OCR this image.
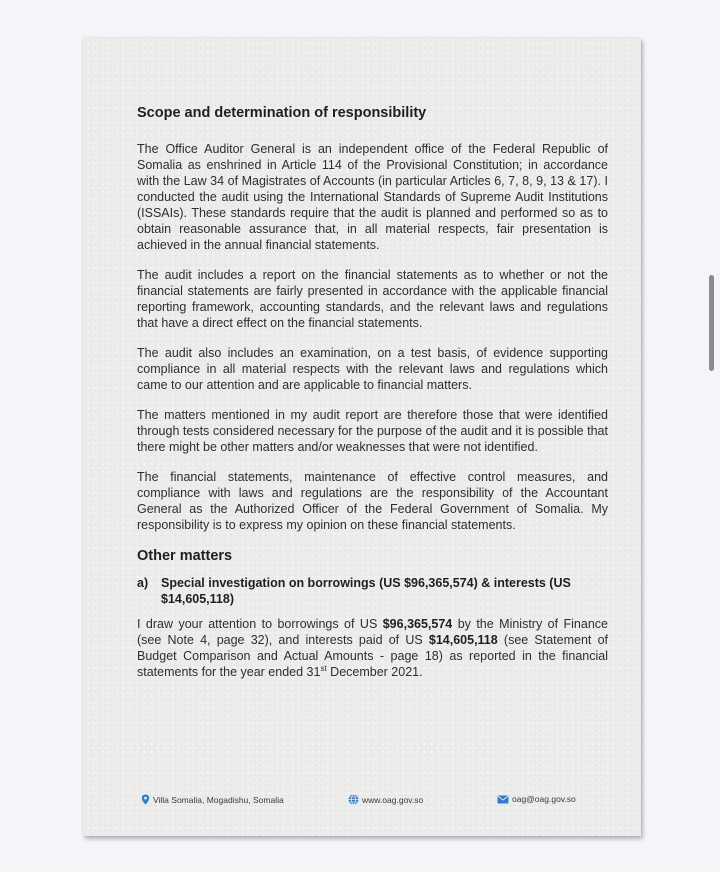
Scope and determination of responsibility

The Office Auditor General is an independent office of the Federal Republic of Somalia as enshrined in Article 114 of the Provisional Constitution; in accordance with the Law 34 of Magistrates of Accounts (in particular Articles 6, 7, 8, 9, 13 & 17). I conducted the audit using the International Standards of Supreme Audit Institutions (ISSAIs). These standards require that the audit is planned and performed so as to obtain reasonable assurance that, in all material respects, fair presentation is achieved in the annual financial statements.

The audit includes a report on the financial statements as to whether or not the financial statements are fairly presented in accordance with the applicable financial reporting framework, accounting standards, and the relevant laws and regulations that have a direct effect on the financial statements.

The audit also includes an examination, on a test basis, of evidence supporting compliance in all material respects with the relevant laws and regulations which came to our attention and are applicable to financial matters.

The matters mentioned in my audit report are therefore those that were identified through tests considered necessary for the purpose of the audit and it is possible that there might be other matters and/or weaknesses that were not identified.

The financial statements, maintenance of effective control measures, and compliance with laws and regulations are the responsibility of the Accountant General as the Authorized Officer of the Federal Government of Somalia. My responsibility is to express my opinion on these financial statements.

Other matters
a)	Special investigation on borrowings (US $96,365,574) & interests (US $14,605,118)

I draw your attention to borrowings of US $96,365,574 by the Ministry of Finance (see Note 4, page 32), and interests paid of US $14,605,118 (see Statement of Budget Comparison and Actual Amounts - page 18) as reported in the financial statements for the year ended 31st December 2021.

Villa Somalia, Mogadishu, Somalia	www.oag.gov.so	oag@oag.gov.so
